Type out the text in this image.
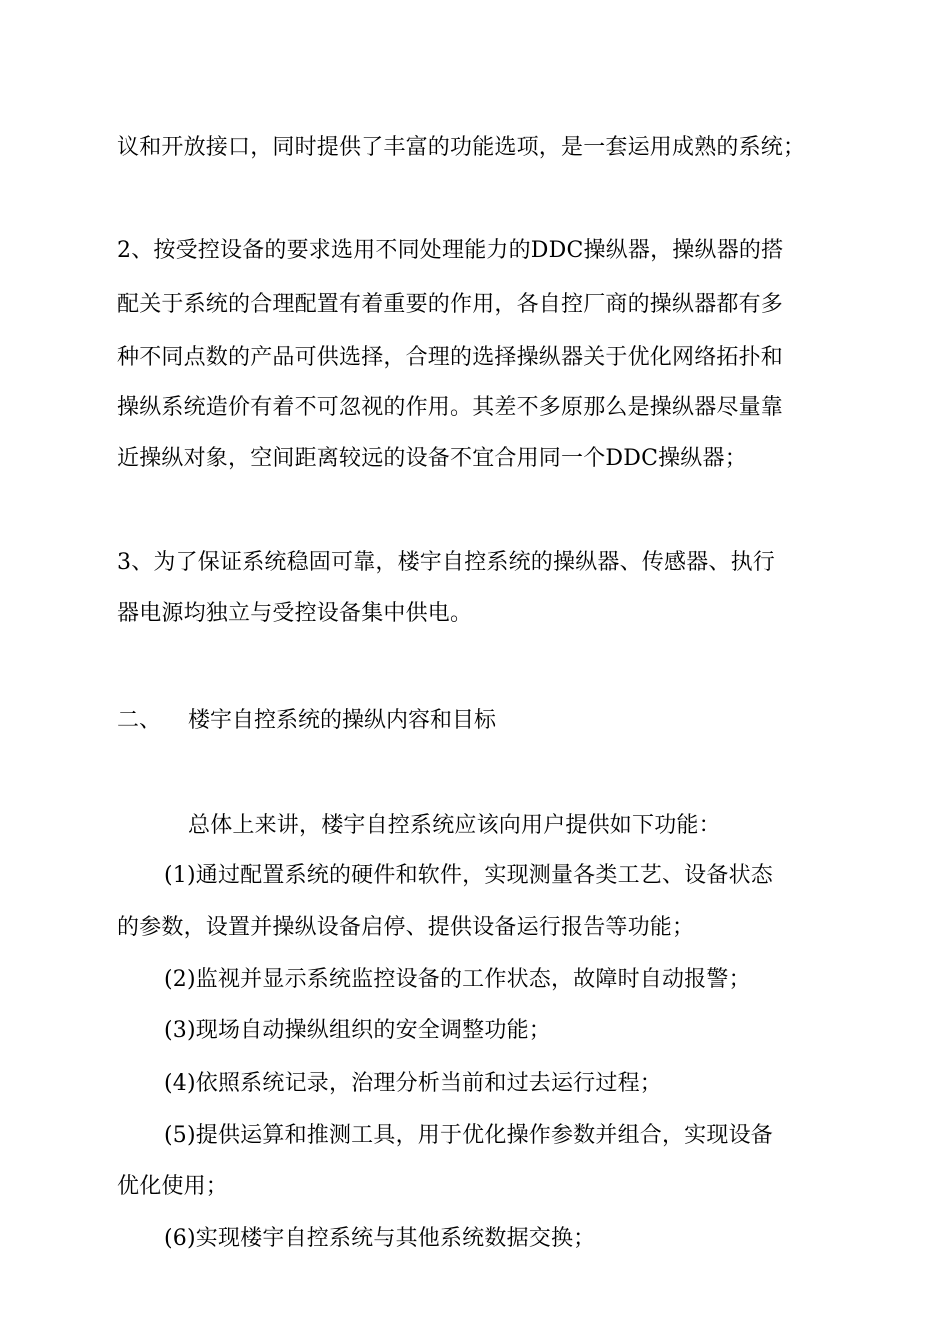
议和开放接口，同时提供了丰富的功能选项，是一套运用成熟的系统；
2、按受控设备的要求选用不同处理能力的DDC操纵器，操纵器的搭
配关于系统的合理配置有着重要的作用，各自控厂商的操纵器都有多
种不同点数的产品可供选择，合理的选择操纵器关于优化网络拓扑和
操纵系统造价有着不可忽视的作用。其差不多原那么是操纵器尽量靠
近操纵对象，空间距离较远的设备不宜合用同一个DDC操纵器；
3、为了保证系统稳固可靠，楼宇自控系统的操纵器、传感器、执行
器电源均独立与受控设备集中供电。
二、 楼宇自控系统的操纵内容和目标
总体上来讲，楼宇自控系统应该向用户提供如下功能：
(1)通过配置系统的硬件和软件，实现测量各类工艺、设备状态
的参数，设置并操纵设备启停、提供设备运行报告等功能；
(2)监视并显示系统监控设备的工作状态，故障时自动报警；
(3)现场自动操纵组织的安全调整功能；
(4)依照系统记录，治理分析当前和过去运行过程；
(5)提供运算和推测工具，用于优化操作参数并组合，实现设备
优化使用；
(6)实现楼宇自控系统与其他系统数据交换；
